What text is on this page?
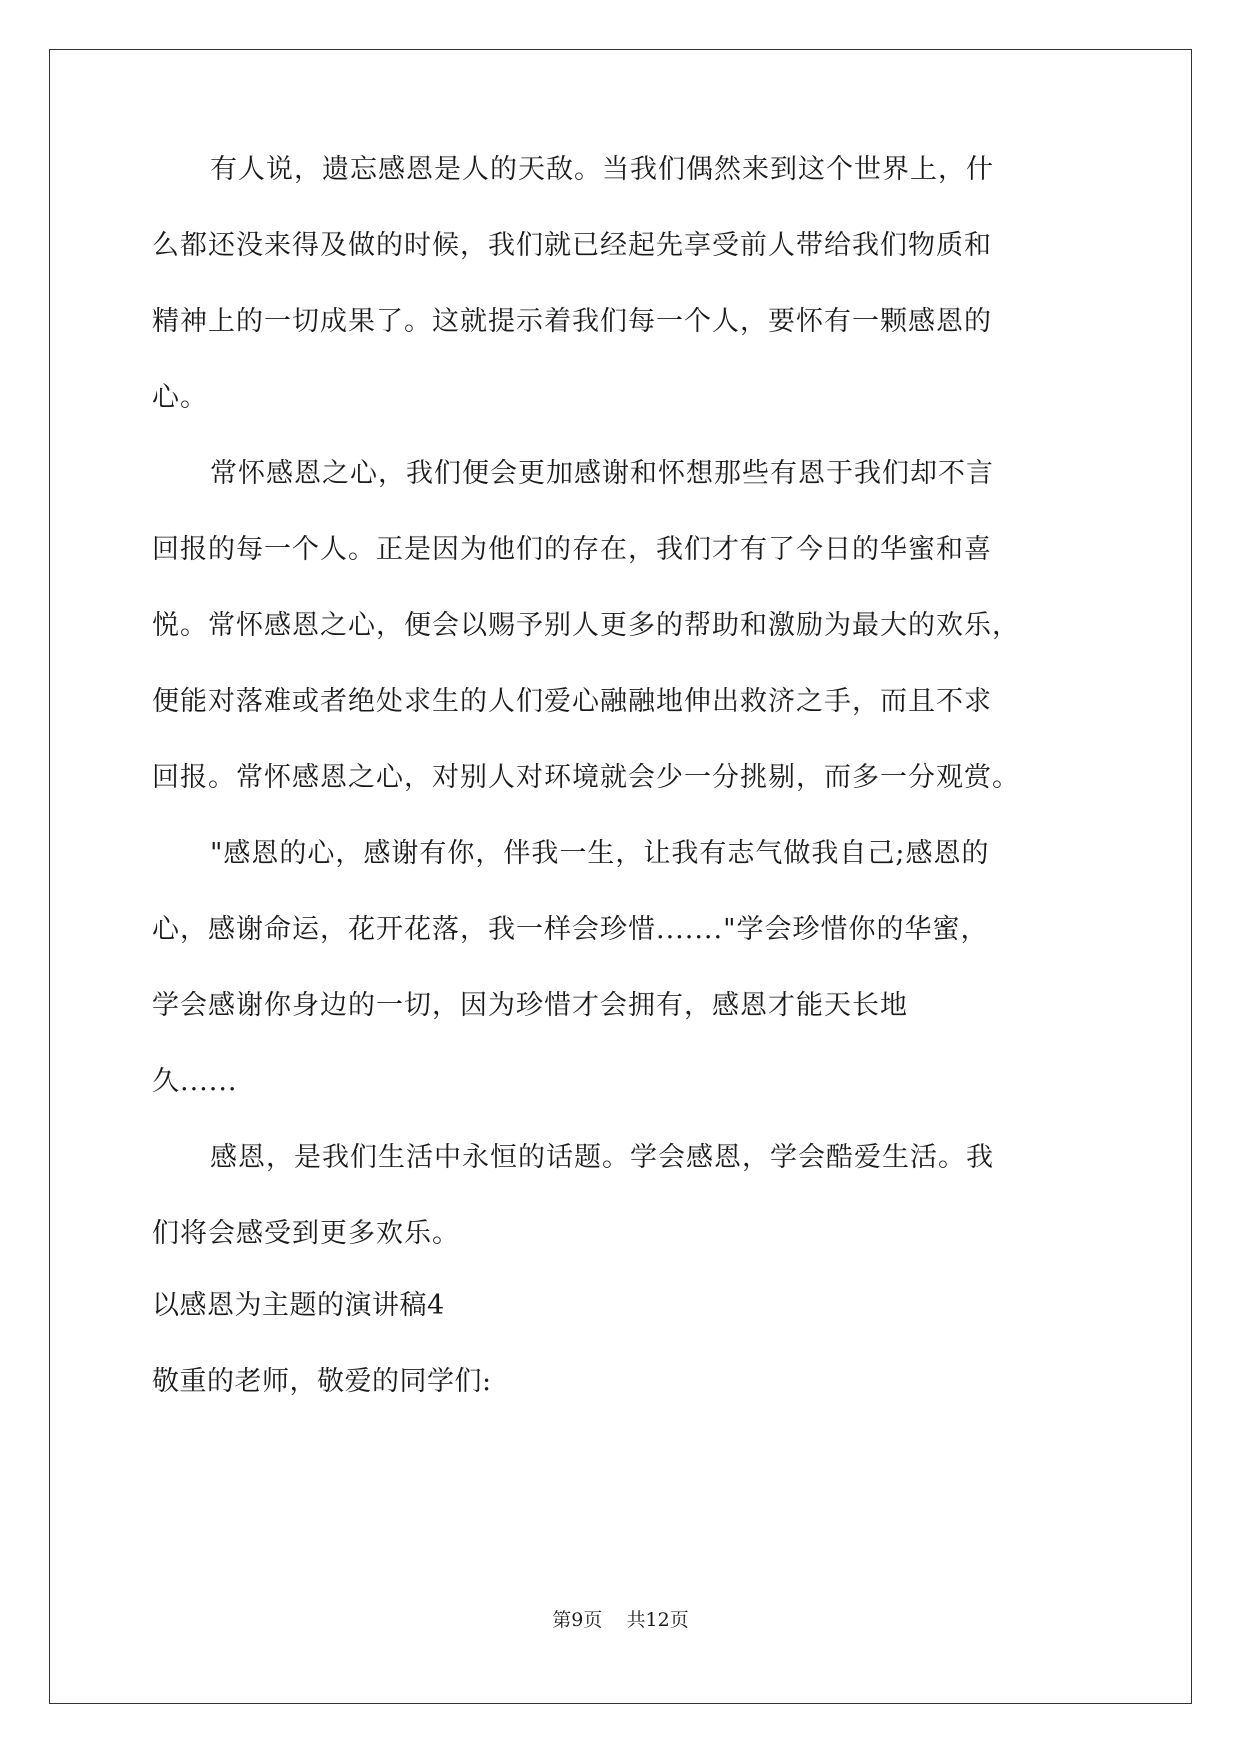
有人说，遗忘感恩是人的天敌。当我们偶然来到这个世界上，什
么都还没来得及做的时候，我们就已经起先享受前人带给我们物质和
精神上的一切成果了。这就提示着我们每一个人，要怀有一颗感恩的
心。
常怀感恩之心，我们便会更加感谢和怀想那些有恩于我们却不言
回报的每一个人。正是因为他们的存在，我们才有了今日的华蜜和喜
悦。常怀感恩之心，便会以赐予别人更多的帮助和激励为最大的欢乐，
便能对落难或者绝处求生的人们爱心融融地伸出救济之手，而且不求
回报。常怀感恩之心，对别人对环境就会少一分挑剔，而多一分观赏。
"感恩的心，感谢有你，伴我一生，让我有志气做我自己;感恩的
心，感谢命运，花开花落，我一样会珍惜......."学会珍惜你的华蜜，
学会感谢你身边的一切，因为珍惜才会拥有，感恩才能天长地
久......
感恩，是我们生活中永恒的话题。学会感恩，学会酷爱生活。我
们将会感受到更多欢乐。
以感恩为主题的演讲稿4
敬重的老师，敬爱的同学们:
第9页    共12页
